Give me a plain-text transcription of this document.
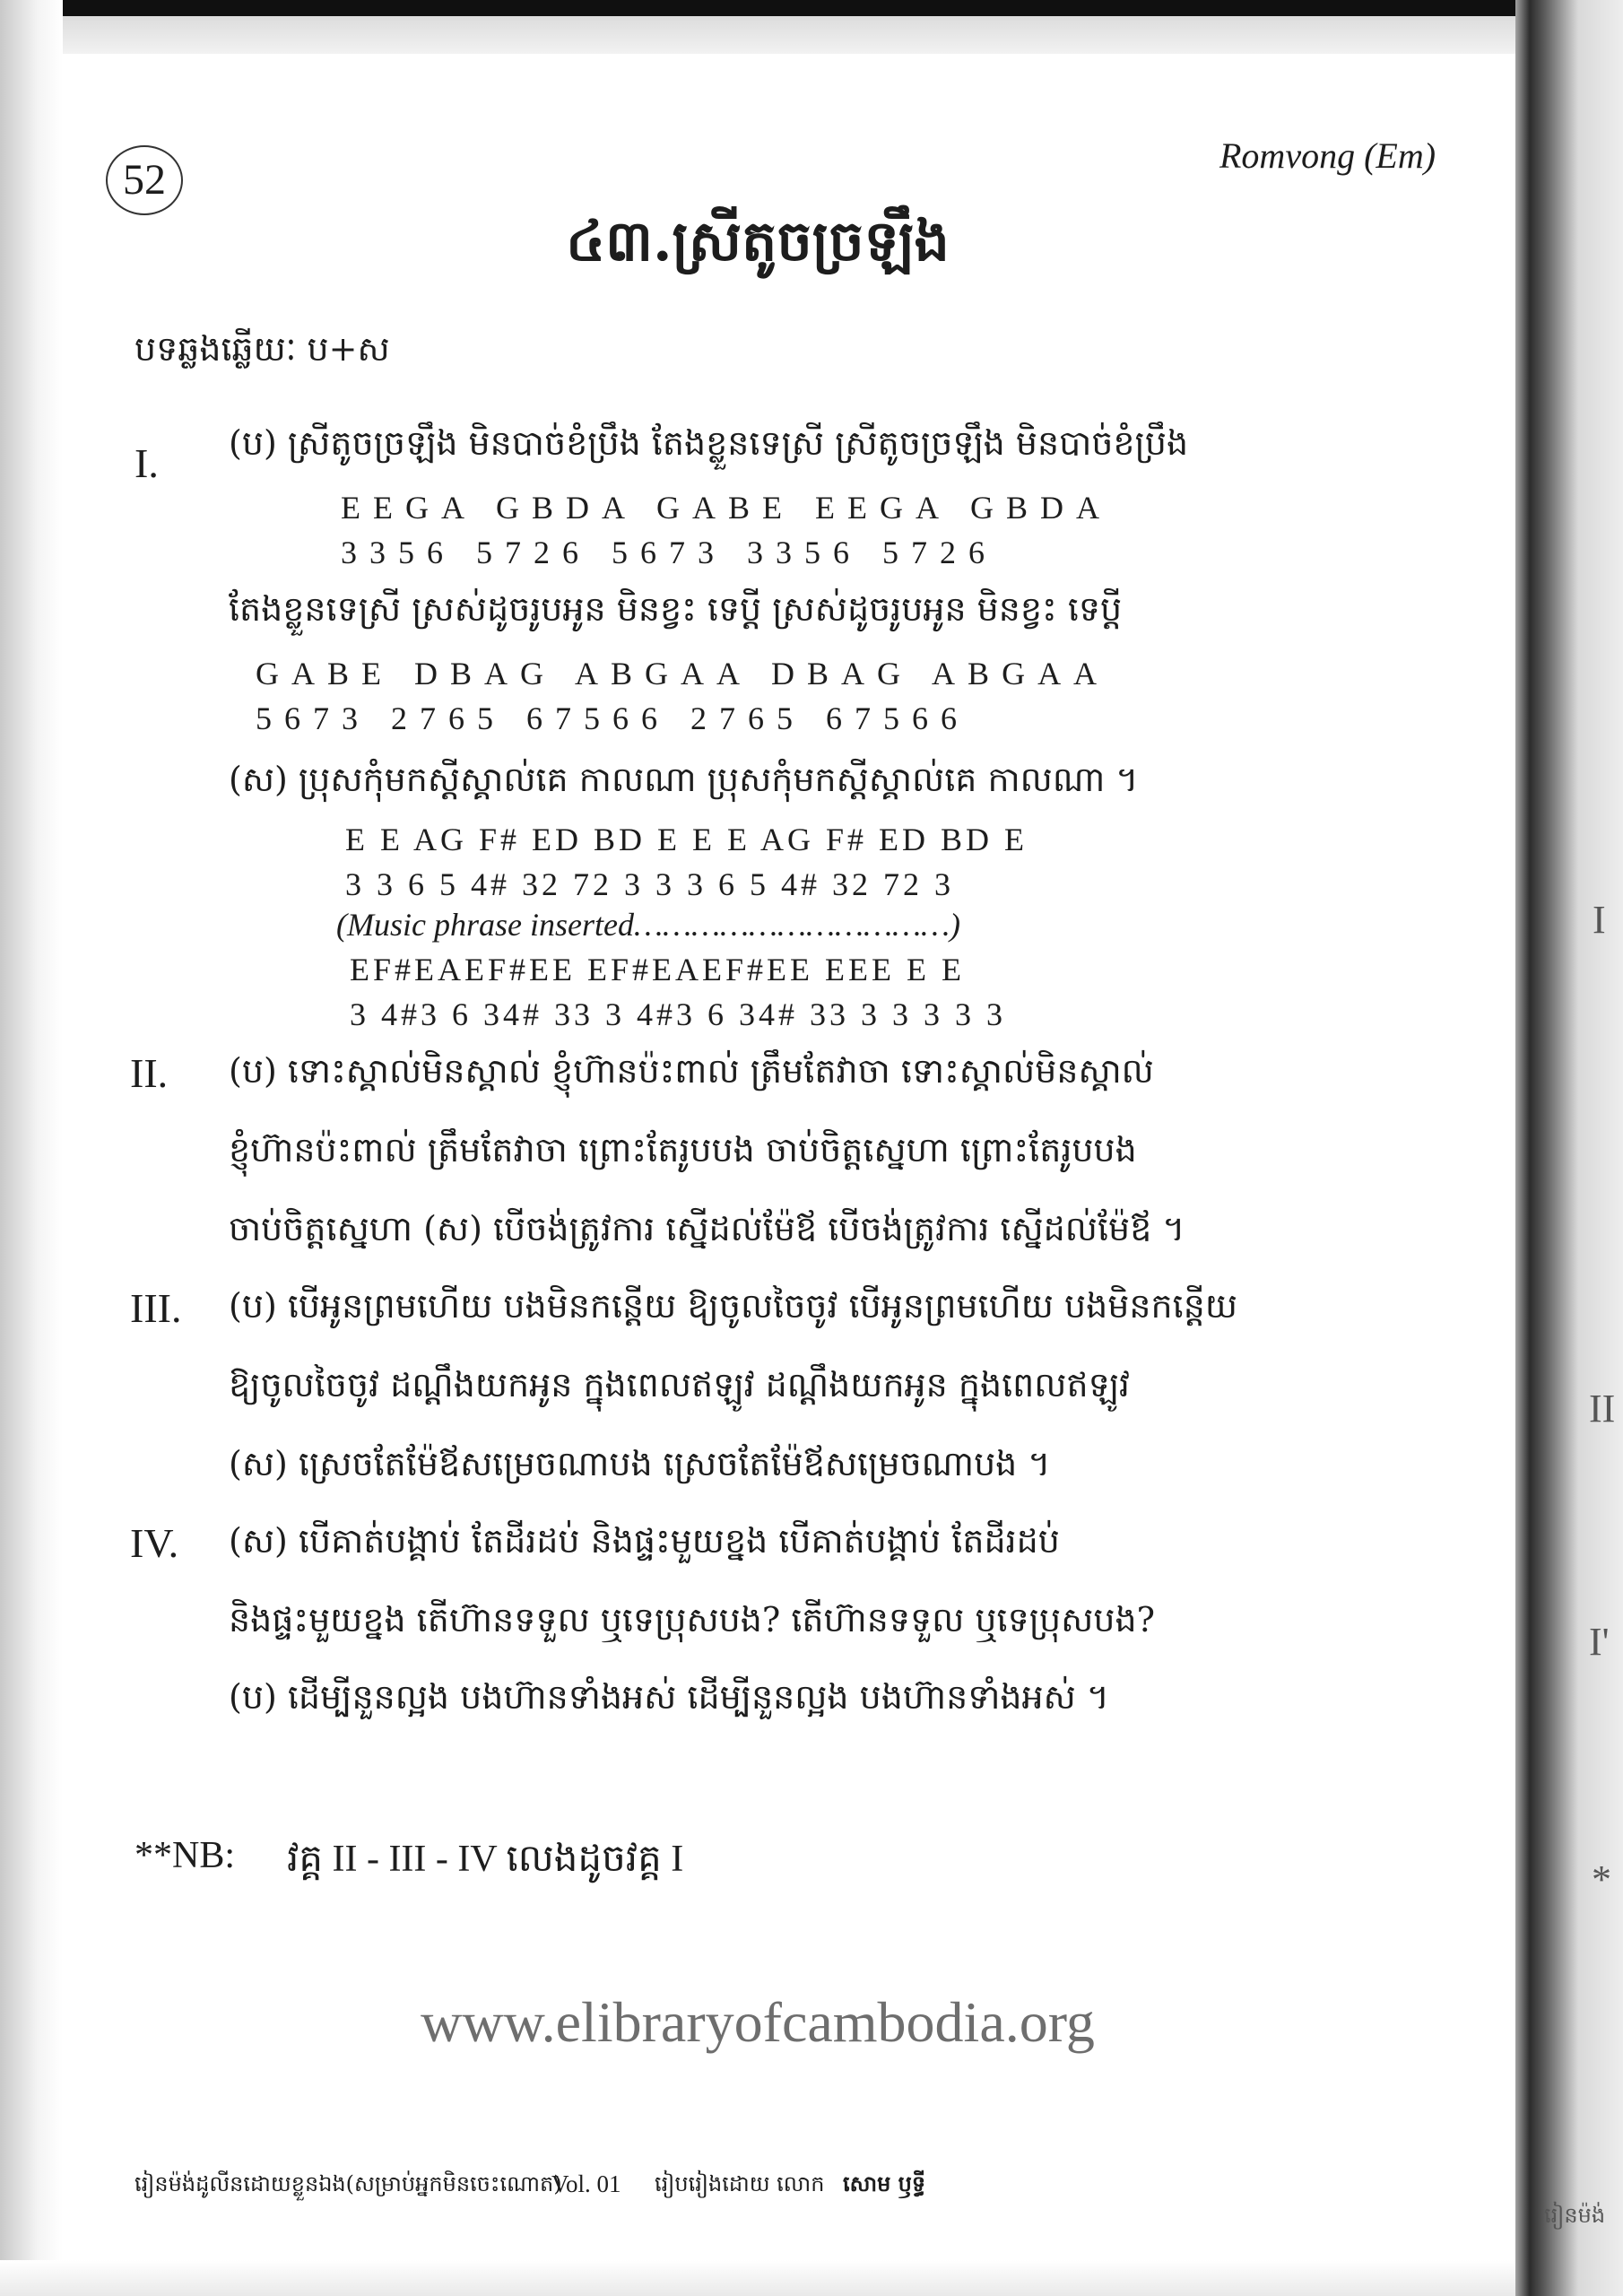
52
Romvong (Em)
៤៣.ស្រីតូចច្រឡឹង
បទឆ្លងឆ្លើយៈ ប+ស
I. (ប) ស្រីតូចច្រឡឹង មិនបាច់ខំប្រឹង តែងខ្លួនទេស្រី ស្រីតូចច្រឡឹង មិនបាច់ខំប្រឹង
EEGA GBDA GABE EEGA GBDA
3356 5726 5673 3356 5726
តែងខ្លួនទេស្រី ស្រស់ដូចរូបអូន មិនខ្វះ ទេប្តី ស្រស់ដូចរូបអូន មិនខ្វះ ទេប្តី
GABE DBAG ABGAA DBAG ABGAA
5673 2765 67566 2765 67566
(ស) ប្រុសកុំមកស្តីស្គាល់គេ កាលណា ប្រុសកុំមកស្តីស្គាល់គេ កាលណា ។
E E AG F# ED BD E E E AG F# ED BD E
3 3 6 5 4# 32 72 3 3 3 6 5 4# 32 72 3
(Music phrase inserted……………………………)
EF#EAEF#EE EF#EAEF#EE EEE E E
3 4#3 6 34# 33 3 4#3 6 34# 33 3 3 3 3 3
II. (ប) ទោះស្គាល់មិនស្គាល់ ខ្ញុំហ៊ានប៉ះពាល់ ត្រឹមតែវាចា ទោះស្គាល់មិនស្គាល់
ខ្ញុំហ៊ានប៉ះពាល់ ត្រឹមតែវាចា ព្រោះតែរូបបង ចាប់ចិត្តស្នេហា ព្រោះតែរូបបង
ចាប់ចិត្តស្នេហា (ស) បើចង់ត្រូវការ ស្នើដល់ម៉ែឪ បើចង់ត្រូវការ ស្នើដល់ម៉ែឪ ។
III. (ប) បើអូនព្រមហើយ បងមិនកន្តើយ ឱ្យចូលចៃចូវ បើអូនព្រមហើយ បងមិនកន្តើយ
ឱ្យចូលចៃចូវ ដណ្តឹងយកអូន ក្នុងពេលឥឡូវ ដណ្តឹងយកអូន ក្នុងពេលឥឡូវ
(ស) ស្រេចតែម៉ែឪសម្រេចណាបង ស្រេចតែម៉ែឪសម្រេចណាបង ។
IV. (ស) បើគាត់បង្គាប់ តែដីរដប់ និងផ្ទះមួយខ្នង បើគាត់បង្គាប់ តែដីរដប់
និងផ្ទះមួយខ្នង តើហ៊ានទទួល ឬទេប្រុសបង? តើហ៊ានទទួល ឬទេប្រុសបង?
(ប) ដើម្បីនួនល្អង បងហ៊ានទាំងអស់ ដើម្បីនួនល្អង បងហ៊ានទាំងអស់ ។
**NB: វគ្គ II - III - IV លេងដូចវគ្គ I
www.elibraryofcambodia.org
រៀនម៉ង់ដូលីនដោយខ្លួនឯង(សម្រាប់អ្នកមិនចេះណោត)
Vol. 01 រៀបរៀងដោយ លោក សោម ឫទ្ធី
I
II
I'
*
រៀនម៉ង់
